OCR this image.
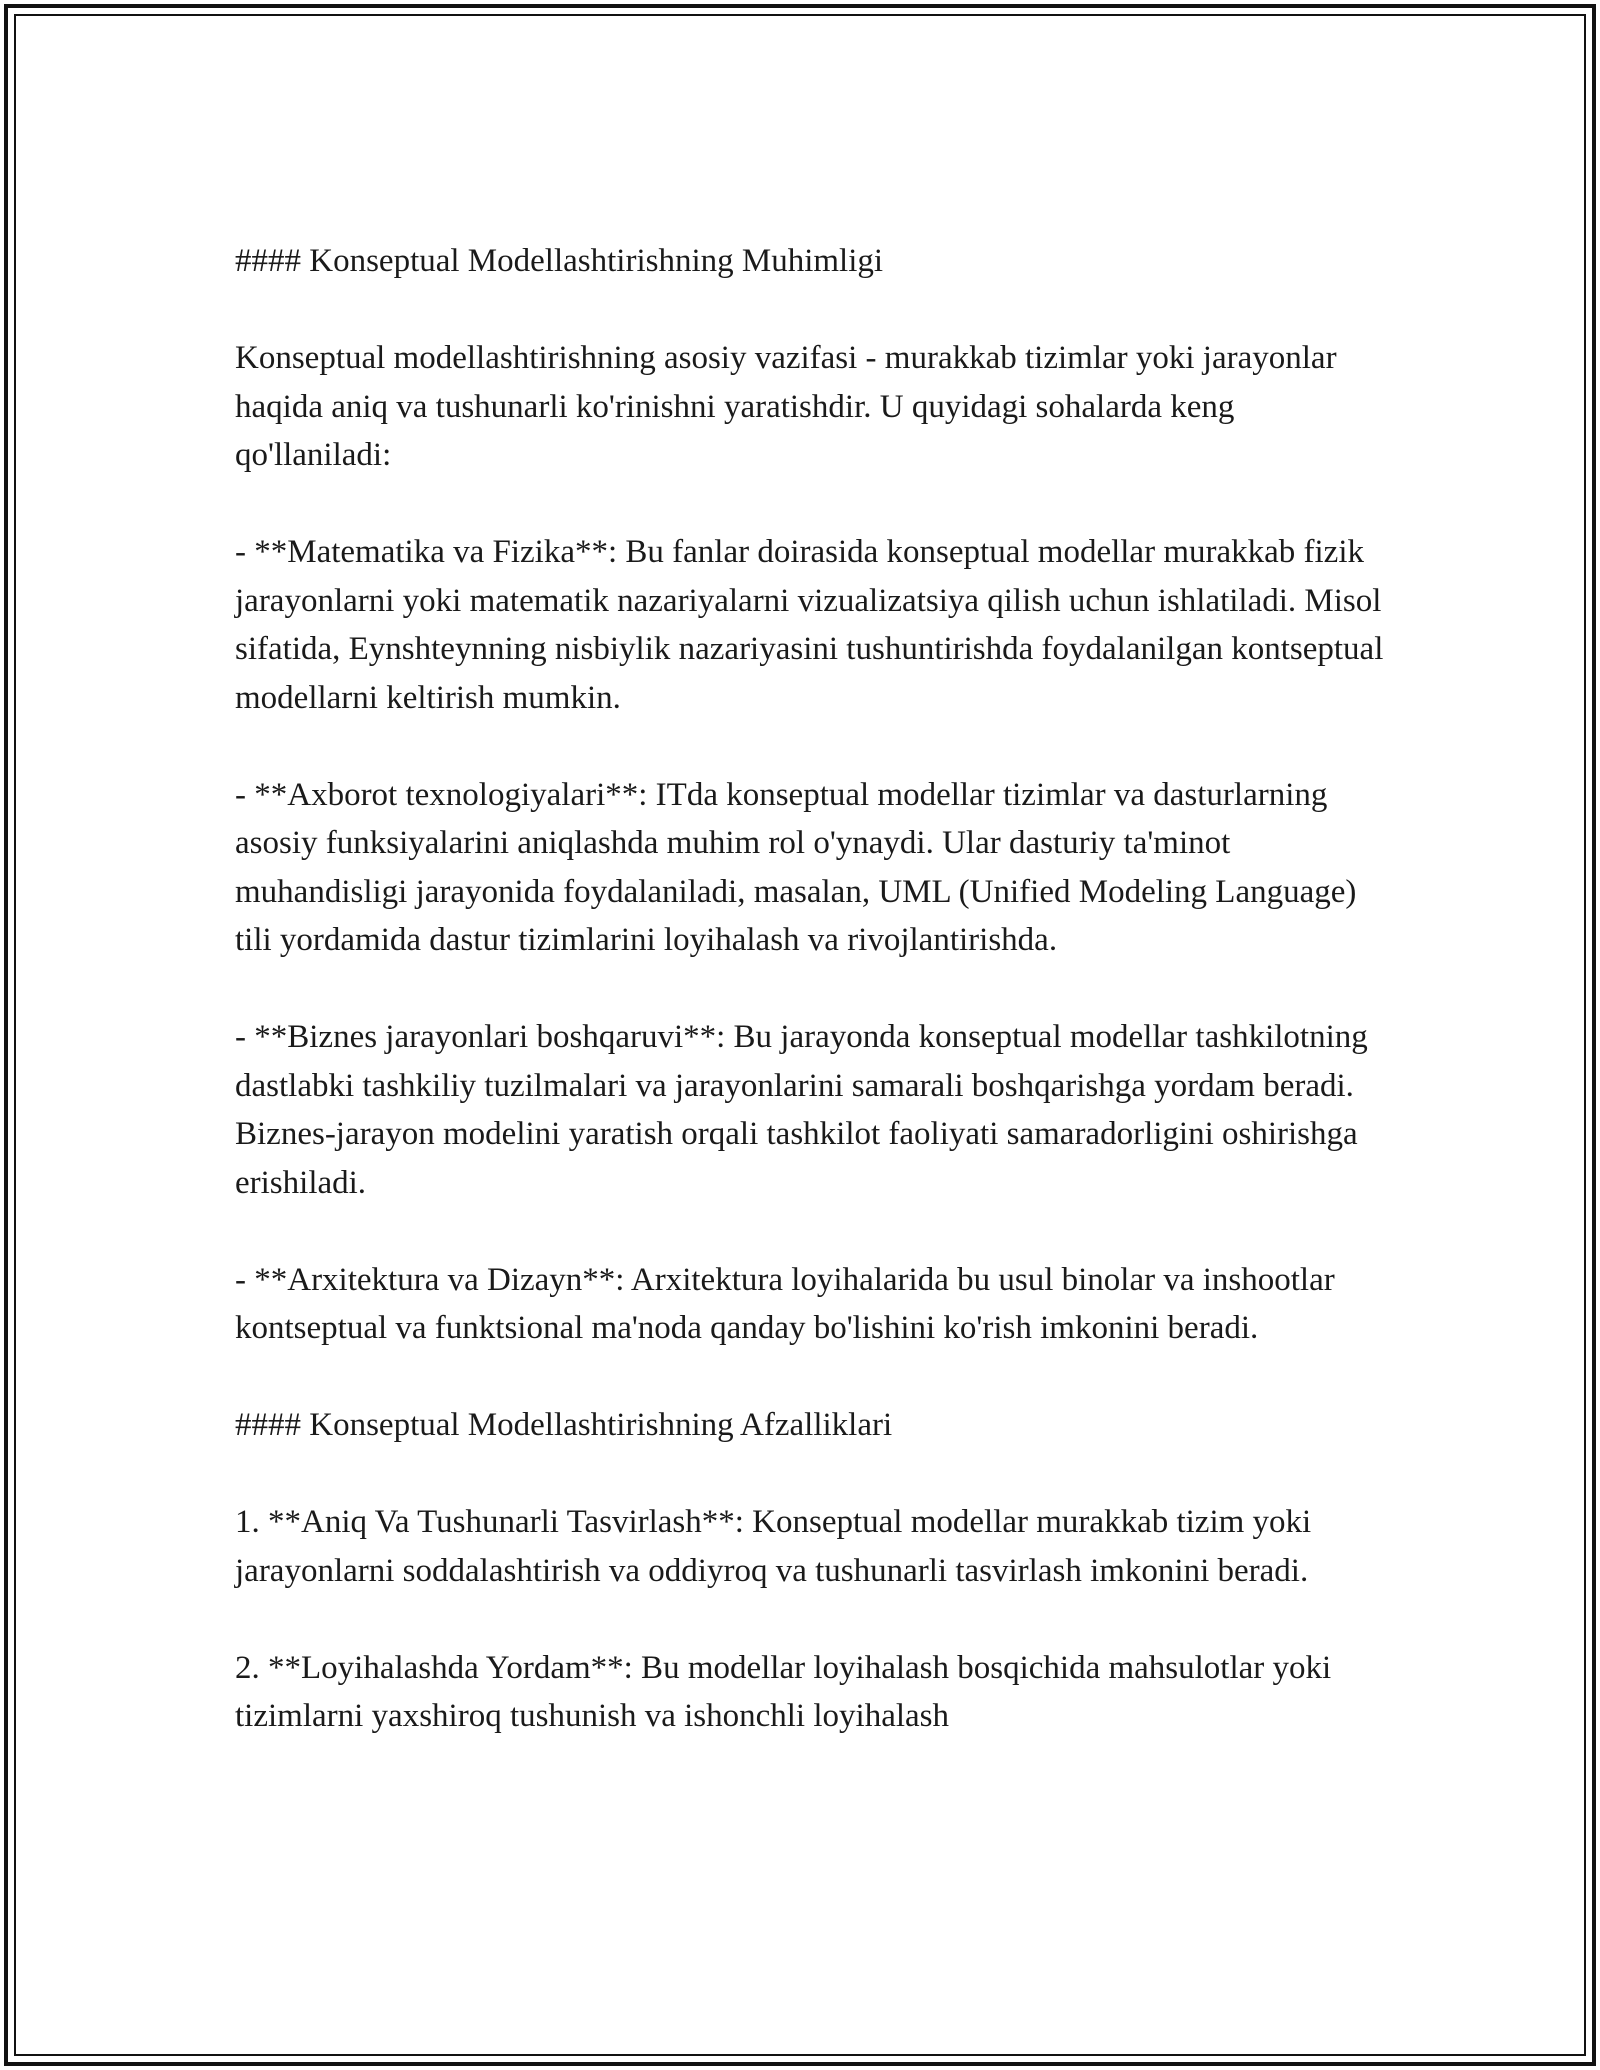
#### Konseptual Modellashtirishning Muhimligi

Konseptual modellashtirishning asosiy vazifasi - murakkab tizimlar yoki jarayonlar haqida aniq va tushunarli ko'rinishni yaratishdir. U quyidagi sohalarda keng qo'llaniladi:

- **Matematika va Fizika**: Bu fanlar doirasida konseptual modellar murakkab fizik jarayonlarni yoki matematik nazariyalarni vizualizatsiya qilish uchun ishlatiladi. Misol sifatida, Eynshteynning nisbiylik nazariyasini tushuntirishda foydalanilgan kontseptual modellarni keltirish mumkin.

- **Axborot texnologiyalari**: ITda konseptual modellar tizimlar va dasturlarning asosiy funksiyalarini aniqlashda muhim rol o'ynaydi. Ular dasturiy ta'minot muhandisligi jarayonida foydalaniladi, masalan, UML (Unified Modeling Language) tili yordamida dastur tizimlarini loyihalash va rivojlantirishda.

- **Biznes jarayonlari boshqaruvi**: Bu jarayonda konseptual modellar tashkilotning dastlabki tashkiliy tuzilmalari va jarayonlarini samarali boshqarishga yordam beradi. Biznes-jarayon modelini yaratish orqali tashkilot faoliyati samaradorligini oshirishga erishiladi.

- **Arxitektura va Dizayn**: Arxitektura loyihalarida bu usul binolar va inshootlar kontseptual va funktsional ma'noda qanday bo'lishini ko'rish imkonini beradi.

#### Konseptual Modellashtirishning Afzalliklari

1. **Aniq Va Tushunarli Tasvirlash**: Konseptual modellar murakkab tizim yoki jarayonlarni soddalashtirish va oddiyroq va tushunarli tasvirlash imkonini beradi.

2. **Loyihalashda Yordam**: Bu modellar loyihalash bosqichida mahsulotlar yoki tizimlarni yaxshiroq tushunish va ishonchli loyihalash
